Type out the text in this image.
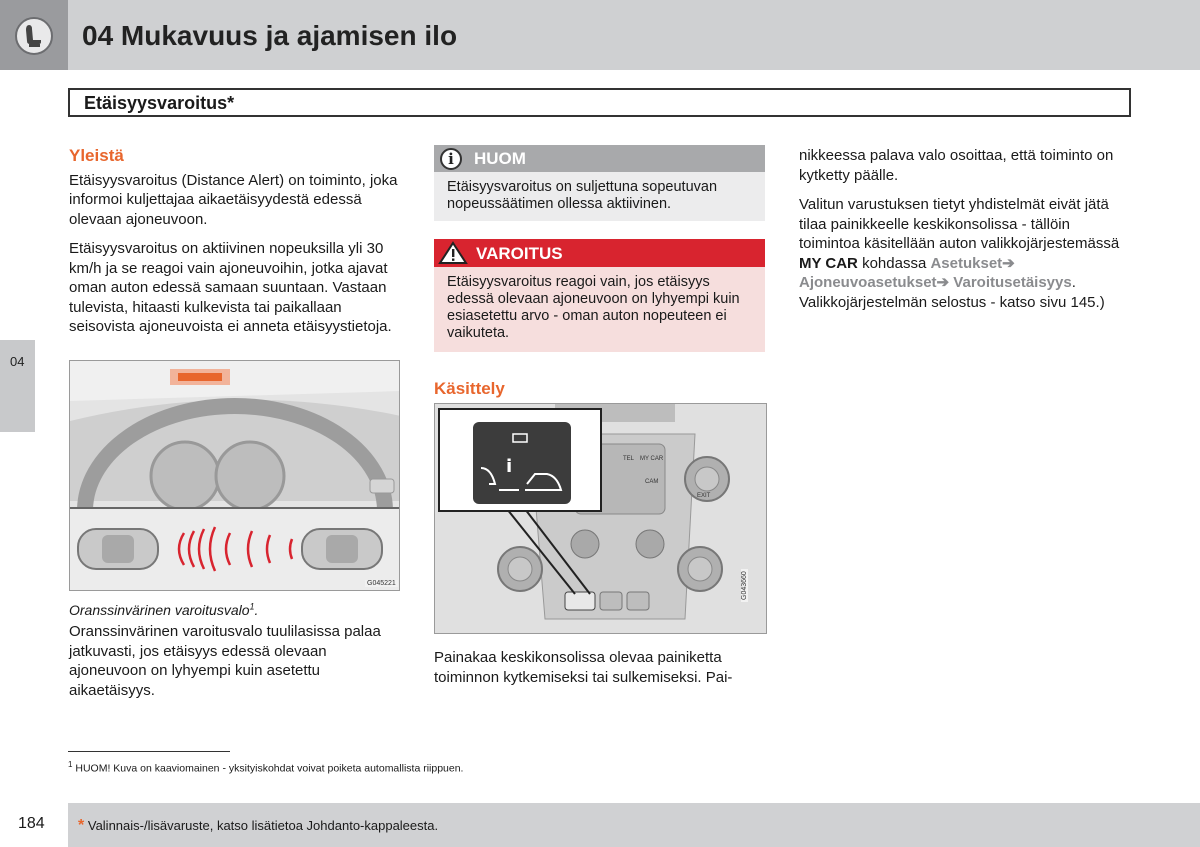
04 Mukavuus ja ajamisen ilo
Etäisyysvaroitus*
04
Yleistä

Etäisyysvaroitus (Distance Alert) on toiminto, joka informoi kuljettajaa aikaetäisyydestä edessä olevaan ajoneuvoon.

Etäisyysvaroitus on aktiivinen nopeuksilla yli 30 km/h ja se reagoi vain ajoneuvoihin, jotka ajavat oman auton edessä samaan suuntaan. Vastaan tulevista, hitaasti kulkevista tai paikallaan seisovista ajoneuvoista ei anneta etäisyystietoja.

G045221
Oranssinvärinen varoitusvalo$^1$.
Oranssinvärinen varoitusvalo tuulilasissa palaa jatkuvasti, jos etäisyys edessä olevaan ajoneuvoon on lyhyempi kuin asetettu aikaetäisyys.
i	HUOM
Etäisyysvaroitus on suljettuna sopeutuvan nopeussäätimen ollessa aktiivinen.
VAROITUS
Etäisyysvaroitus reagoi vain, jos etäisyys edessä olevaan ajoneuvoon on lyhyempi kuin esiasetettu arvo - oman auton nopeuteen ei vaikuteta.
Käsittely
i	TEL MY CAR
CAM
EXIT
G043660
Painakaa keskikonsolissa olevaa painiketta toiminnon kytkemiseksi tai sulkemiseksi. Pai-

nikkeessa palava valo osoittaa, että toiminto on kytketty päälle.

Valitun varustuksen tietyt yhdistelmät eivät jätä tilaa painikkeelle keskikonsolissa - tällöin toimintoa käsitellään auton valikkojärjestemässä MY CAR kohdassa Asetukset➔ Ajoneuvoasetukset➔ Varoitusetäisyys. Valikkojärjestelmän selostus - katso sivu 145.)

$^1$ HUOM! Kuva on kaaviomainen - yksityiskohdat voivat poiketa automallista riippuen.
184 * Valinnais-/lisävaruste, katso lisätietoa Johdanto-kappaleesta.
